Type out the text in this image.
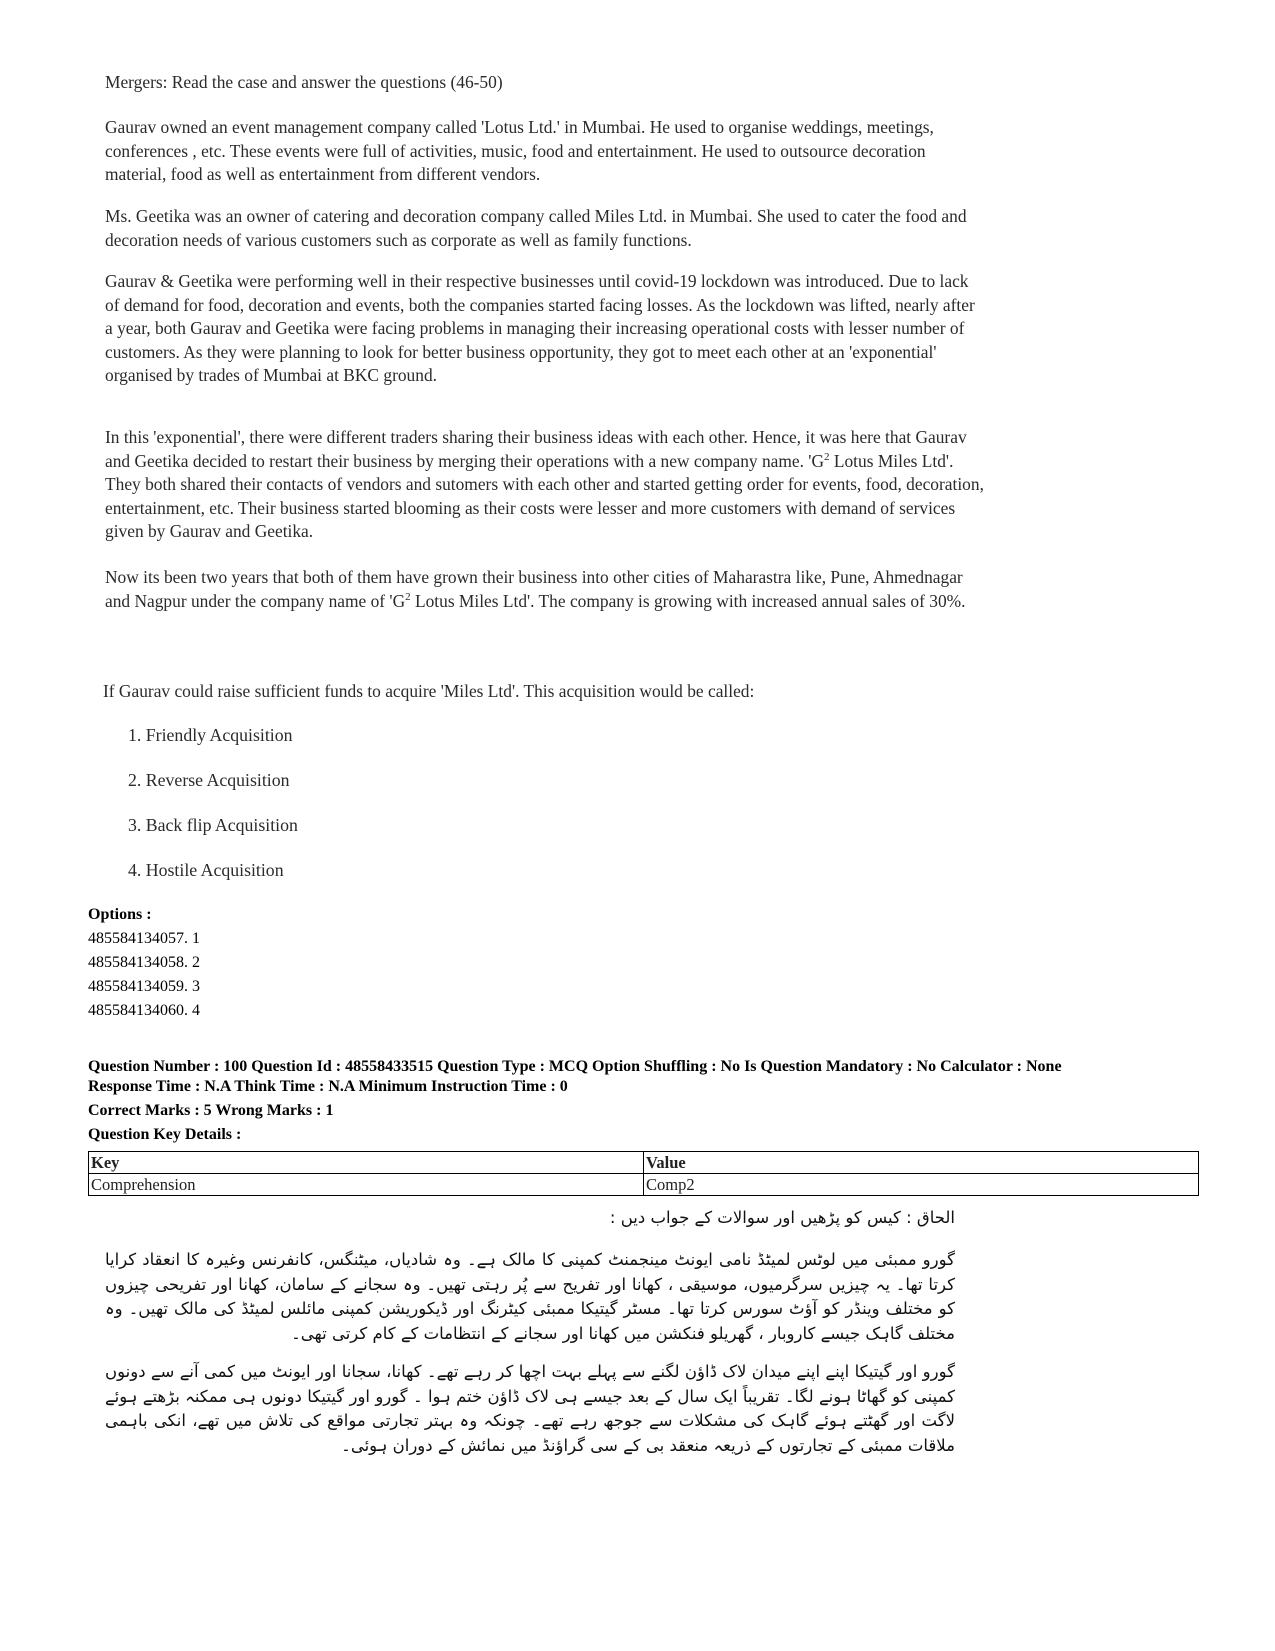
Mergers: Read the case and answer the questions (46-50)

Gaurav owned an event management company called 'Lotus Ltd.' in Mumbai. He used to organise weddings, meetings, conferences , etc. These events were full of activities, music, food and entertainment. He used to outsource decoration material, food as well as entertainment from different vendors.

Ms. Geetika was an owner of catering and decoration company called Miles Ltd. in Mumbai. She used to cater the food and decoration needs of various customers such as corporate as well as family functions.

Gaurav & Geetika were performing well in their respective businesses until covid-19 lockdown was introduced. Due to lack of demand for food, decoration and events, both the companies started facing losses. As the lockdown was lifted, nearly after a year, both Gaurav and Geetika were facing problems in managing their increasing operational costs with lesser number of customers. As they were planning to look for better business opportunity, they got to meet each other at an 'exponential' organised by trades of Mumbai at BKC ground.

In this 'exponential', there were different traders sharing their business ideas with each other. Hence, it was here that Gaurav and Geetika decided to restart their business by merging their operations with a new company name. '$G^2$ Lotus Miles Ltd'. They both shared their contacts of vendors and sutomers with each other and started getting order for events, food, decoration, entertainment, etc. Their business started blooming as their costs were lesser and more customers with demand of services given by Gaurav and Geetika.

Now its been two years that both of them have grown their business into other cities of Maharastra like, Pune, Ahmednagar and Nagpur under the company name of '$G^2$ Lotus Miles Ltd'. The company is growing with increased annual sales of 30%.

If Gaurav could raise sufficient funds to acquire 'Miles Ltd'. This acquisition would be called:
1. Friendly Acquisition
2. Reverse Acquisition
3. Back flip Acquisition
4. Hostile Acquisition
Options :
485584134057. 1
485584134058. 2
485584134059. 3
485584134060. 4
Question Number : 100 Question Id : 48558433515 Question Type : MCQ Option Shuffling : No Is Question Mandatory : No Calculator : None
Response Time : N.A Think Time : N.A Minimum Instruction Time : 0
Correct Marks : 5 Wrong Marks : 1
Question Key Details :
Key	Value
Comprehension	Comp2
الحاق : کیس کو پڑھیں اور سوالات کے جواب دیں :

گورو ممبئی میں لوٹس لمیٹڈ نامی ایونٹ مینجمنٹ کمپنی کا مالک ہے۔ وہ شادیاں، میٹنگس، کانفرنس وغیرہ کا انعقاد کرایا کرتا تھا۔ یہ چیزیں سرگرمیوں، موسیقی ، کھانا اور تفریح سے پُر رہتی تھیں۔ وہ سجانے کے سامان، کھانا اور تفریحی چیزوں کو مختلف وینڈر کو آؤٹ سورس کرتا تھا۔ مسٹر گیتیکا ممبئی کیٹرنگ اور ڈیکوریشن کمپنی مائلس لمیٹڈ کی مالک تھیں۔ وہ مختلف گاہک جیسے کاروبار ، گھریلو فنکشن میں کھانا اور سجانے کے انتظامات کے کام کرتی تھی۔

گورو اور گیتیکا اپنے اپنے میدان لاک ڈاؤن لگنے سے پہلے بہت اچھا کر رہے تھے۔ کھانا، سجانا اور ایونٹ میں کمی آنے سے دونوں کمپنی کو گھاٹا ہونے لگا۔ تقریباً ایک سال کے بعد جیسے ہی لاک ڈاؤن ختم ہوا ۔ گورو اور گیتیکا دونوں ہی ممکنہ بڑھتے ہوئے لاگت اور گھٹتے ہوئے گاہک کی مشکلات سے جوجھ رہے تھے۔ چونکہ وہ بہتر تجارتی مواقع کی تلاش میں تھے، انکی باہمی ملاقات ممبئی کے تجارتوں کے ذریعہ منعقد بی کے سی گراؤنڈ میں نمائش کے دوران ہوئی۔
